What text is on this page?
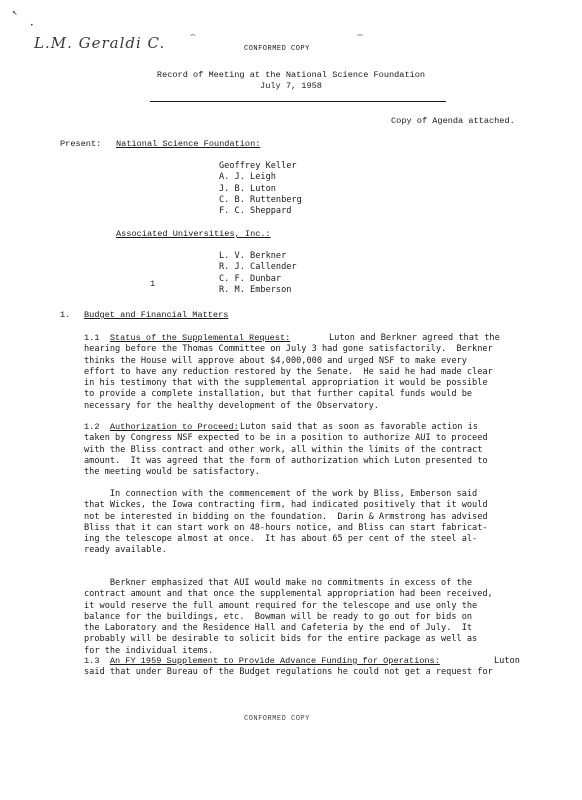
↖
•
⌢	⌢
L.M. Geraldi C.	CONFORMED COPY
Record of Meeting at the National Science Foundation
July 7, 1958
Copy of Agenda attached.
Present: National Science Foundation:
Geoffrey Keller
A. J. Leigh
J. B. Luton
C. B. Ruttenberg
F. C. Sheppard
Associated Universities, Inc.:
L. V. Berkner
R. J. Callender
C. F. Dunbar
R. M. Emberson
1
1. Budget and Financial Matters
1.1 Status of the Supplemental Request:	Luton and Berkner agreed that the
hearing before the Thomas Committee on July 3 had gone satisfactorily.  Berkner
thinks the House will approve about $4,000,000 and urged NSF to make every
effort to have any reduction restored by the Senate.  He said he had made clear
in his testimony that with the supplemental appropriation it would be possible
to provide a complete installation, but that further capital funds would be
necessary for the healthy development of the Observatory.
1.2 Authorization to Proceed: Luton said that as soon as favorable action is
taken by Congress NSF expected to be in a position to authorize AUI to proceed
with the Bliss contract and other work, all within the limits of the contract
amount.  It was agreed that the form of authorization which Luton presented to
the meeting would be satisfactory.
In connection with the commencement of the work by Bliss, Emberson said
that Wickes, the Iowa contracting firm, had indicated positively that it would
not be interested in bidding on the foundation.  Darin & Armstrong has advised
Bliss that it can start work on 48-hours notice, and Bliss can start fabricat-
ing the telescope almost at once.  It has about 65 per cent of the steel al-
ready available.
Berkner emphasized that AUI would make no commitments in excess of the
contract amount and that once the supplemental appropriation had been received,
it would reserve the full amount required for the telescope and use only the
balance for the buildings, etc.  Bowman will be ready to go out for bids on
the Laboratory and the Residence Hall and Cafeteria by the end of July.  It
probably will be desirable to solicit bids for the entire package as well as
for the individual items.
1.3 An FY 1959 Supplement to Provide Advance Funding for Operations:	Luton
said that under Bureau of the Budget regulations he could not get a request for
CONFORMED COPY
